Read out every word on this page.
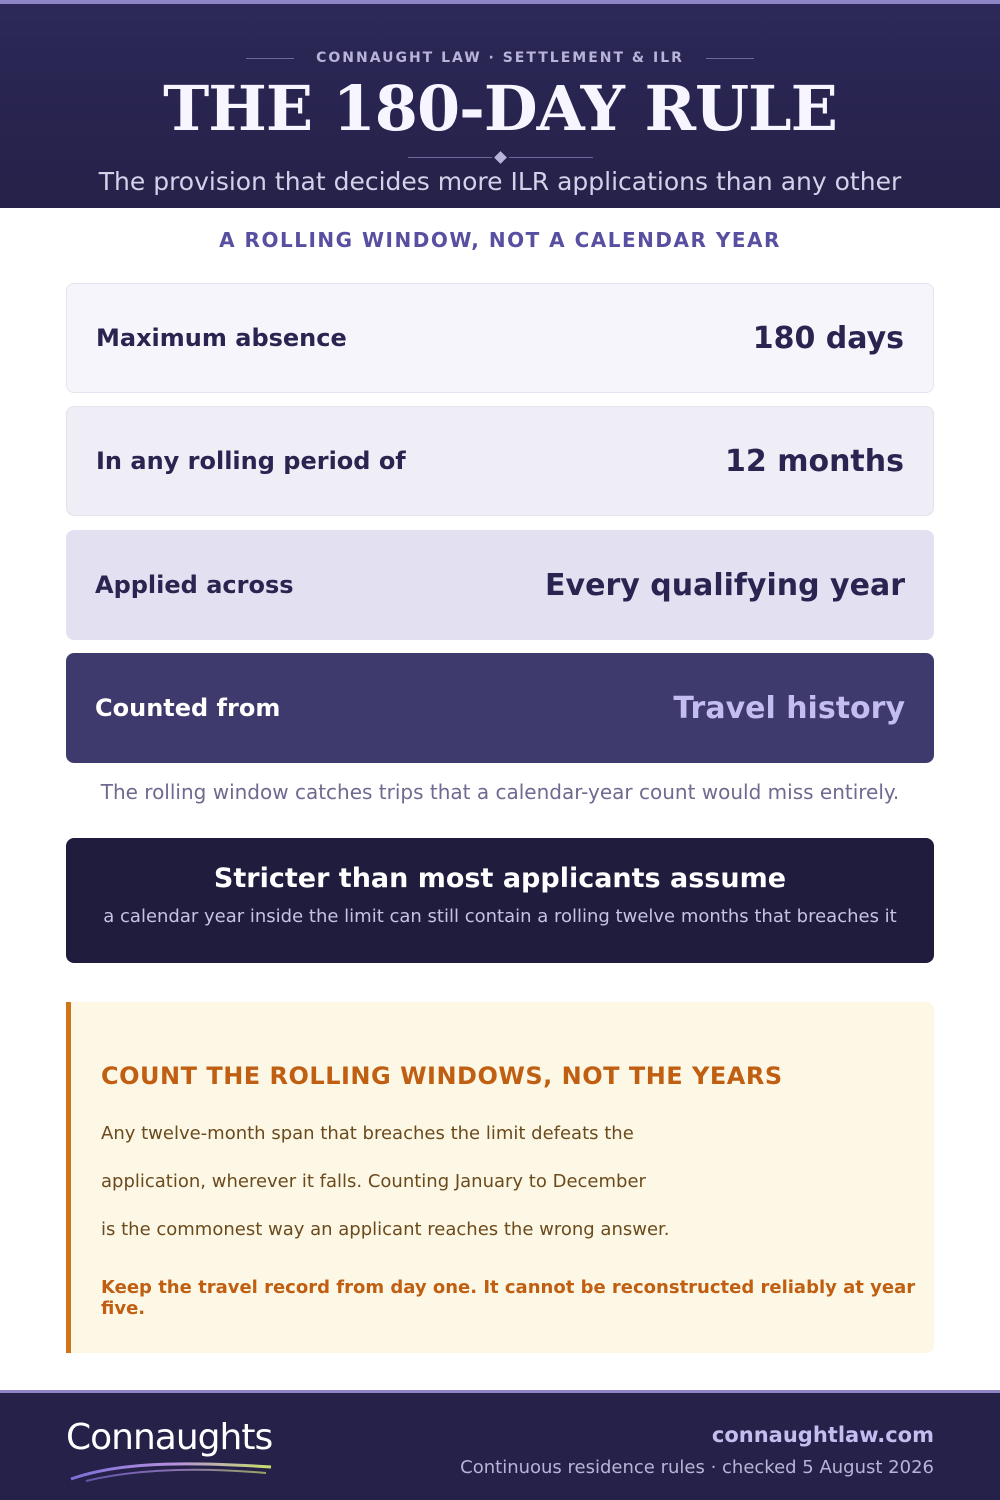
CONNAUGHT LAW · SETTLEMENT & ILR
THE 180-DAY RULE
The provision that decides more ILR applications than any other
A ROLLING WINDOW, NOT A CALENDAR YEAR
Maximum absence	180 days
In any rolling period of	12 months
Applied across	Every qualifying year
Counted from	Travel history
The rolling window catches trips that a calendar-year count would miss entirely.
Stricter than most applicants assume
a calendar year inside the limit can still contain a rolling twelve months that breaches it
COUNT THE ROLLING WINDOWS, NOT THE YEARS
Any twelve-month span that breaches the limit defeats the
application, wherever it falls. Counting January to December
is the commonest way an applicant reaches the wrong answer.
Keep the travel record from day one. It cannot be reconstructed reliably at year five.
Connaughts	connaughtlaw.com
Continuous residence rules · checked 5 August 2026
